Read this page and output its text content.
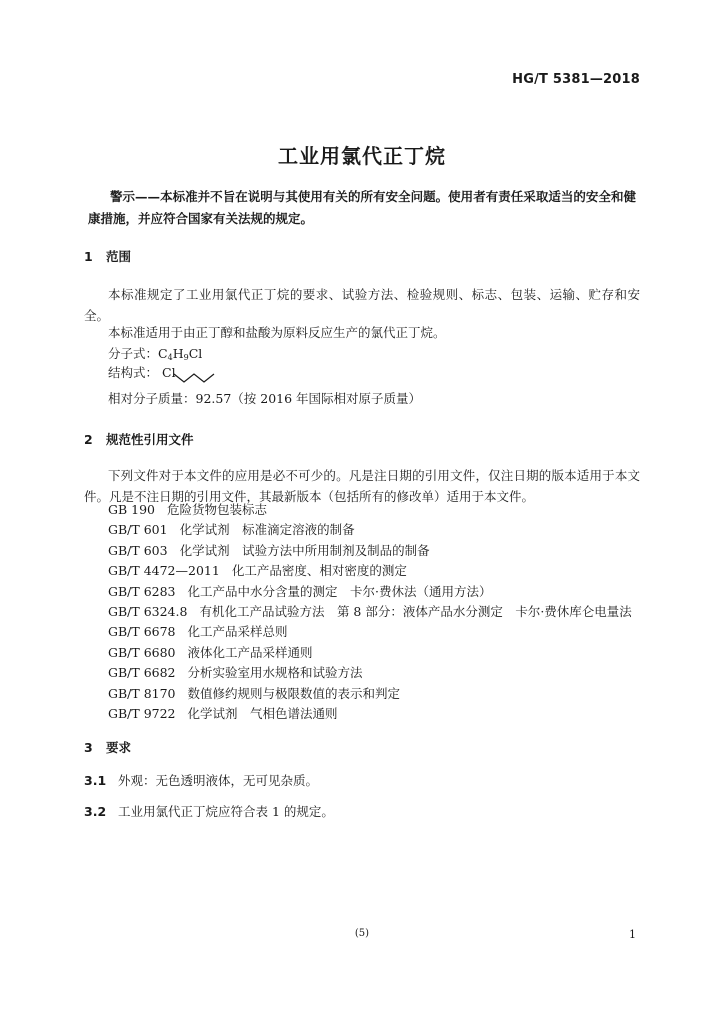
HG/T 5381—2018
工业用氯代正丁烷
警示——本标准并不旨在说明与其使用有关的所有安全问题。使用者有责任采取适当的安全和健康措施，并应符合国家有关法规的规定。
1 范围
本标准规定了工业用氯代正丁烷的要求、试验方法、检验规则、标志、包装、运输、贮存和安全。
本标准适用于由正丁醇和盐酸为原料反应生产的氯代正丁烷。
分子式：$C_4H_9Cl$
结构式： Cl
相对分子质量：92.57（按 2016 年国际相对原子质量）
2 规范性引用文件
下列文件对于本文件的应用是必不可少的。凡是注日期的引用文件，仅注日期的版本适用于本文件。凡是不注日期的引用文件，其最新版本（包括所有的修改单）适用于本文件。
GB 190 危险货物包装标志
GB/T 601 化学试剂　标准滴定溶液的制备
GB/T 603 化学试剂　试验方法中所用制剂及制品的制备
GB/T 4472—2011 化工产品密度、相对密度的测定
GB/T 6283 化工产品中水分含量的测定　卡尔·费休法（通用方法）
GB/T 6324.8 有机化工产品试验方法　第 8 部分：液体产品水分测定　卡尔·费休库仑电量法
GB/T 6678 化工产品采样总则
GB/T 6680 液体化工产品采样通则
GB/T 6682 分析实验室用水规格和试验方法
GB/T 8170 数值修约规则与极限数值的表示和判定
GB/T 9722 化学试剂　气相色谱法通则
3 要求
3.1 外观：无色透明液体，无可见杂质。
3.2 工业用氯代正丁烷应符合表 1 的规定。
(5)	1
